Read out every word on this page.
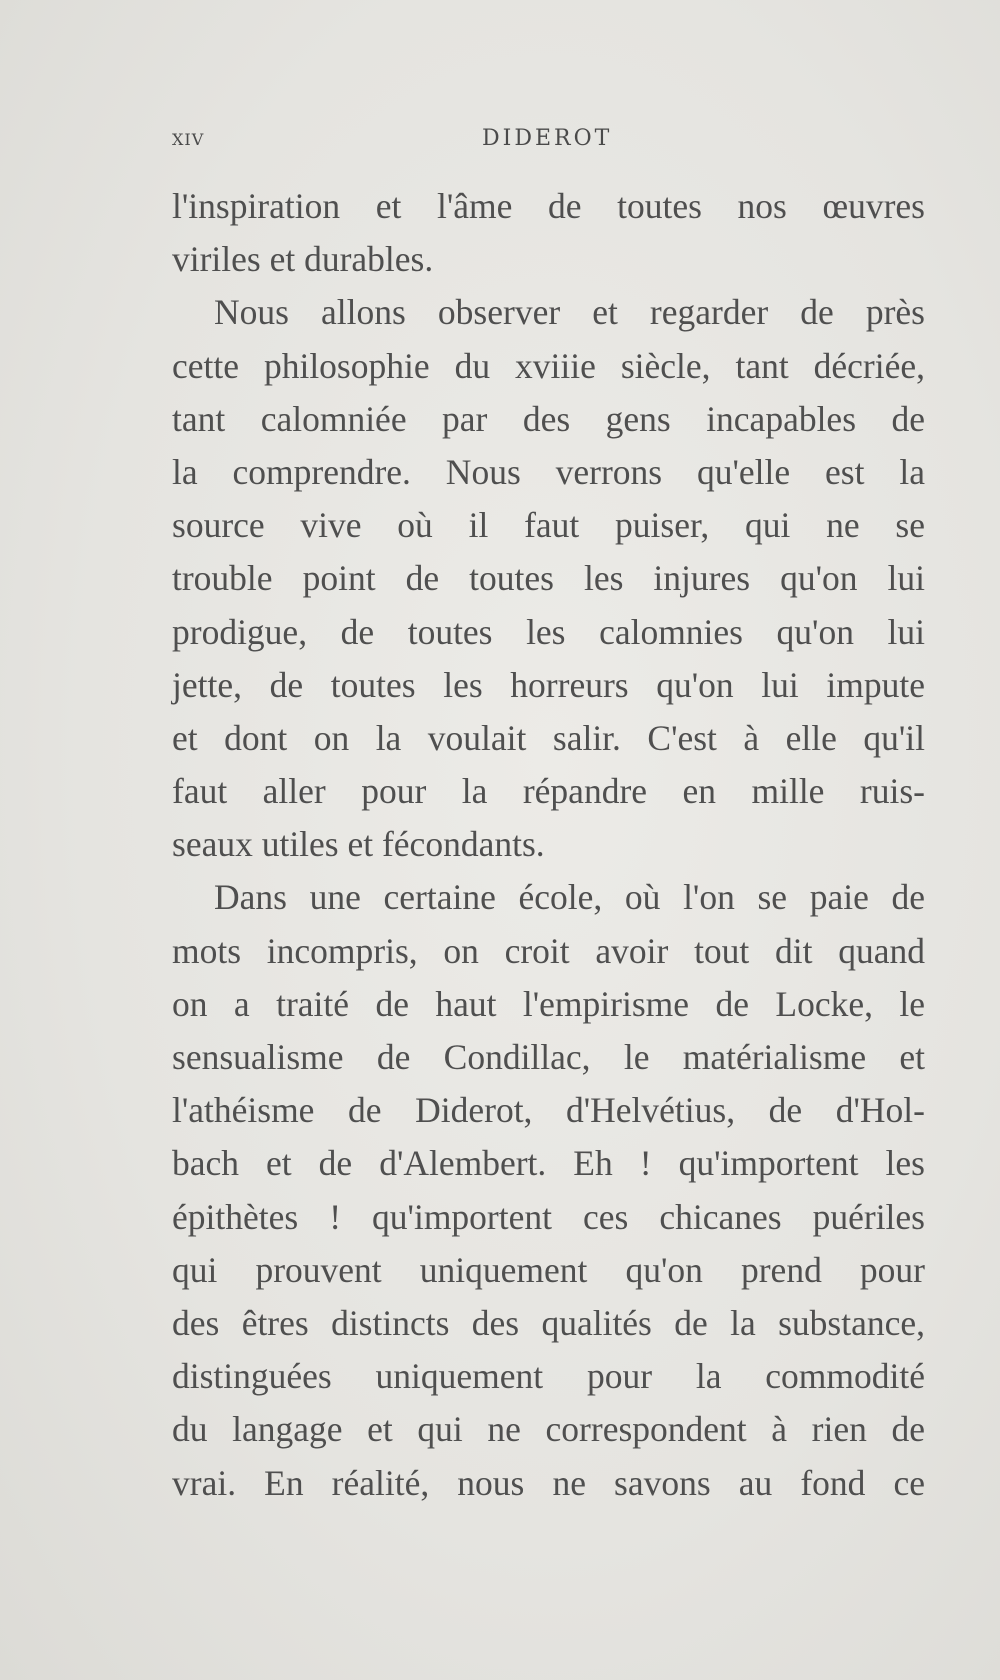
XIV	DIDEROT
l'inspiration et l'âme de toutes nos œuvres
viriles et durables.
Nous allons observer et regarder de près
cette philosophie du xviiie siècle, tant décriée,
tant calomniée par des gens incapables de
la comprendre. Nous verrons qu'elle est la
source vive où il faut puiser, qui ne se
trouble point de toutes les injures qu'on lui
prodigue, de toutes les calomnies qu'on lui
jette, de toutes les horreurs qu'on lui impute
et dont on la voulait salir. C'est à elle qu'il
faut aller pour la répandre en mille ruis-
seaux utiles et fécondants.
Dans une certaine école, où l'on se paie de
mots incompris, on croit avoir tout dit quand
on a traité de haut l'empirisme de Locke, le
sensualisme de Condillac, le matérialisme et
l'athéisme de Diderot, d'Helvétius, de d'Hol-
bach et de d'Alembert. Eh ! qu'importent les
épithètes ! qu'importent ces chicanes puériles
qui prouvent uniquement qu'on prend pour
des êtres distincts des qualités de la substance,
distinguées uniquement pour la commodité
du langage et qui ne correspondent à rien de
vrai. En réalité, nous ne savons au fond ce
